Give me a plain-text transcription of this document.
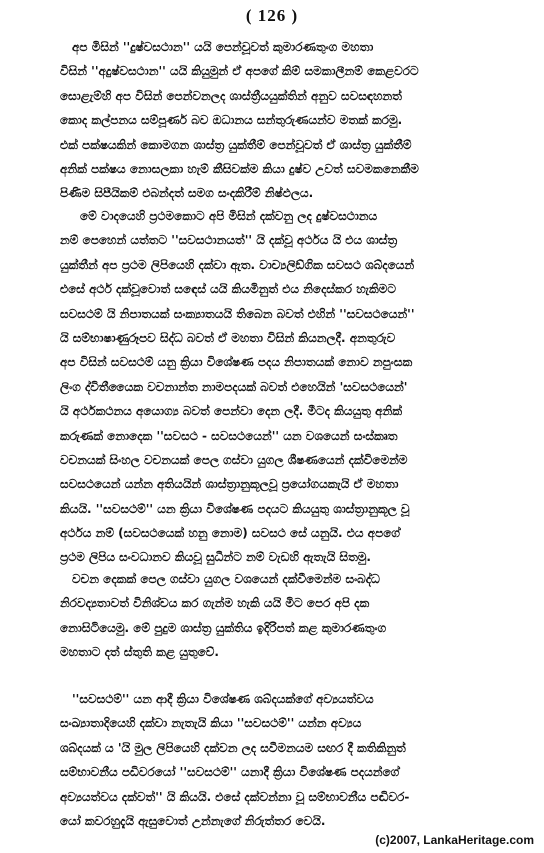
( 126 )

අප මිසින් ''දුෂ්වසථාන'' යයි පෙන්වූවත් කුමාරණතුංග මහතා
විසින් ''අදුෂ්වසථාන'' යයි කියුමුන් ඒ අපගේ කිම් සමකාලීනම් කෙළවරට
සොළැම්හි අප විසින් පෙන්වනලද ශාස්ත්‍රීයයුක්තින් අනුව සවසඳහනත්
කොද කල්පනය සම්පූර්ණ බව ඔධානය සන්තුරුණයන්ව මතක් කරමු.
එක් පක්ෂයකින් කොමගන ශාස්ත්‍ර යුක්තීම් පෙන්වූවත් ඒ ශාස්ත්‍ර යුක්තීම්
අනික් පක්ෂය නොසලකා හැම් කීසිවක්ම කියා දුෂ්ව උවත් සවමකනෙකීම
පිණිම සිපීයිකම් එබන්දත් සමග සංදකිරීම් නිෂ්ඵලය.

මේ වාදයෙහි ප්‍රථමකොට අපි මිසින් දක්වනු ලද දුෂ්වසථානය
නම් පෙහෙන් යත්තට ''සවසථානයත්'' යි දක්වූ අර්ථය යි එය ශාස්ත්‍ර
යුක්තීන් අප ප්‍රථම ලිපියෙහි දක්වා ඇත. වාච්‍යලිඞ්ගික සවසථ ශබ්දයෙන්
එසේ අර්ථ දක්වූවොත් සඳෙස් යයි කියමිනුත් එය නිදෙස්කර හැකිමට
සවසථම් යි නිපාතයක් සංක්‍යාතයයි තිබෙන බවත් එහින් ''සවසථයෙන්''
යි සම්භාෂාණුරූපව සිද්ධ බවත් ඒ මහතා විසින් කියනලදී. අනතුරුව
අප විසින් සවසථම් යනු ක්‍රියා විශේෂණ පදය නිපාතයක් නොව නපුංසක
ලිංග ද්විතීයෛක වචනාන්ත නාමපදයක් බවත් එහෙයින් 'සවසථයෙන්'
යි අර්ථකථනය අයොග්‍ය බවත් පෙන්වා දෙන ලදී. මීටද කියයුතු අනික්
කරුණක් නොදෙක ''සවසථ - සවසථයෙන්'' යන වශයෙන් සංස්කෘත
වචනයක් සිංහල වචනයක් පෙල ගස්වා යුගල ශීෂණයෙන් දක්විමෙන්ම
සවසථයෙන් යන්න අතියයින් ශාස්ත්‍රානුකූලවූ ප්‍රයෝගයකැයි ඒ මහතා
කියයි. ''සවසථම්'' යන ක්‍රියා විශේෂණ පදයට කියයුතු ශාස්ත්‍රානුකූල වූ
අර්ථය නම් (සවසථයෙක් හනු නොම) සවසථ සේ යනුයි. එය අපගේ
ප්‍රථම ලිපිය සංවධානව කියවූ සුධීන්ට නම් වැඩහි ඇතැයි සිතමු.

වචන දෙකක් පෙල ගස්වා යුගල වශයෙන් දක්වීමෙන්ම සංබද්ධ
නිරවද්‍යතාවත් විනිශ්චය කර ගැන්ම හැකි යයි මිට පෙර අපි දක
නොසිටියෙමු. මේ පුදුම ශාස්ත්‍ර යුක්තිය ඉදිරිපත් කළ කුමාරණතුංග
මහතාට දත් ස්තුති කළ යුතුවේ.

''සවසථම්'' යන ආදී ක්‍රියා විශේෂණ ශබ්දයක්ගේ අව්‍යයත්වය
සංඛ්‍යාතාදියෙහි දක්වා නැතැයි කියා ''සවසථම්'' යන්න අව්‍යය
ශබ්දයක් ය 'යි මුල ලිපියෙහි දක්වන ලද සවීමනයම සඟර දී කතිකිනුත්
සම්භාවනීය පඩිවරයෝ ''සවසථම්'' යනාදී ක්‍රියා විශේෂණ පදයන්ගේ
අව්‍යයත්වය දක්වත්'' යි කියයි. එසේ දක්වන්නා වූ සම්භාවනීය පඬිවර-
යෝ කවරහුදැයි ඇසුවොත් උන්නැගේ නිරුත්තර වෙයි.

(c)2007, LankaHeritage.com
